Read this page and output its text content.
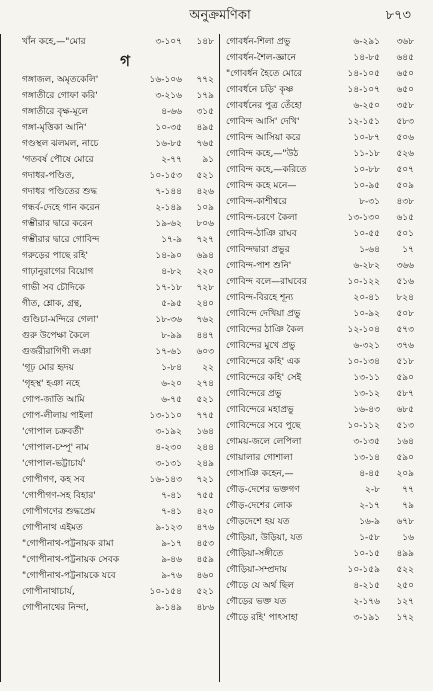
অনুক্রমণিকা	৮৭৩
খাঁন কহে,—"মোর	৩-১০৭	১৪৮
গ
গঙ্গাজল, অমৃতকেলি'	১৬-১০৬	৭৭২
গঙ্গাতীরে গোফা করি'	৩-২১৬	১৭৯
গঙ্গাতীরে বৃক্ষ-মূলে	৪-৬৬	৩১৫
গঙ্গা-মৃত্তিকা আনি'	১০-৩৫	৪৯৫
গণ্ডস্থল ঝলমল, নাচে	১৬-৮৫	৭৬৫
'গতবর্ষ পৌষে মোরে	২-৭৭	৯১
গদাধর-পণ্ডিত,	১০-১৫৩	৫২১
গদাধর পণ্ডিতের শুদ্ধ	৭-১৪৪	৪২৬
গন্ধর্ব-দেহে গান করেন	২-১৪৯	১০৯
গম্ভীরার দ্বারে করেন	১৯-৬২	৮০৬
গম্ভীরার দ্বারে গোবিন্দ	১৭-৯	৭২৭
গরুড়ের পাছে রহি'	১৪-৯০	৬৯৪
গাঢ়ানুরাগের বিয়োগ	৪-৮২	২২০
গাভী সব চৌদিকে	১৭-১৮	৭২৮
গীত, শ্লোক, গ্রন্থ,	৫-৯৫	২৪০
গুণ্ডিচা-মন্দিরে গেলা'	১৮-৩৬	৭৬২
গুরু উপেক্ষা কৈলে	৮-৯৯	৪৪৭
গুর্জরীরাগিণী লঞা	১৭-৬১	৬০৩
'গূঢ় মোর হৃদয়	১-৮৪	২২
'গৃহস্থ' হঞা নহে	৬-২০	২৭৪
গোপ-জাতি আমি	৬-৭৫	৫২১
গোপ-লীলায় পাইলা	১৩-১১০	৭৭৫
'গোপাল চক্রবর্তী'	৩-১৯২	১৬৪
'গোপাল-চম্পূ' নাম	৪-২৩০	২৪৪
'গোপাল-ভট্টাচার্য'	৩-১৩১	২৪৯
গোপীগণ, কহ সব	১৬-১৪৩	৭২১
'গোপীগণ-সহ বিহার'	৭-৪১	৭৫৫
গোপীগণের শুদ্ধপ্রেম	৭-৪১	৪২০
গোপীনাথ এইমত	৯-১২৩	৪৭৬
"গোপীনাথ-পট্টনায়ক রামা	৯-১৭	৪৫৩
"গোপীনাথ-পট্টনায়ক সেবক	৯-৪৬	৪৫৯
"গোপীনাথ-পট্টনায়কে যবে	৯-৭৬	৪৬০
গোপীনাথাচার্য,	১০-১৫৪	৫২১
গোপীনাথের নিন্দা,	৯-১৪৯	৪৮৬
গোবর্ধন-শিলা প্রভু	৬-২৯১	৩৬৮
গোবর্ধন-শৈল-জ্ঞানে	১৪-৮৫	৬৪৫
"গোবর্ধন হৈতে মোরে	১৪-১০৫	৬৫০
গোবর্ধনে চড়ি' কৃষ্ণ	১৪-১০৭	৬৫০
গোবর্ধনের পুত্র তেঁহো	৬-২৫০	৩৫৮
গোবিন্দ আসি' দেখি'	১২-১৫১	৫৮৩
গোবিন্দ আসিয়া করে	১০-৮৭	৫০৬
গোবিন্দ কহে,—"উঠ	১১-১৮	৫২৬
গোবিন্দ কহে,—করিতে	১০-৮৮	৫০৭
গোবিন্দ কহে মনে—	১০-৯৫	৫০৯
গোবিন্দ-কাশীশ্বরে	৮-৩১	৪৩৮
গোবিন্দ-চরণে কৈলা	১৩-১৩০	৬১৫
গোবিন্দ-ঠাঞি রাঘব	১০-৫৫	৫০১
গোবিন্দদ্বারা প্রভুর	১-৬৪	১৭
গোবিন্দ-পাশ শুনি'	৬-২৮২	৩৬৬
গোবিন্দ বলে—রাঘবের	১০-১২২	৫১৬
গোবিন্দ-বিরহে শূন্য	২০-৪১	৮২৪
গোবিন্দে দেখিয়া প্রভু	১০-৯২	৫০৮
গোবিন্দের ঠাঞি কৈল	১২-১০৪	৫৭৩
গোবিন্দের মুখে প্রভু	৬-৩২১	৩৭৬
গোবিন্দেরে কহি' এক	১০-১৩৪	৫১৮
গোবিন্দেরে কহি' সেই	১৩-১১	৫৯০
গোবিন্দেরে প্রভু	১৩-১২	৫৮৭
গোবিন্দেরে মহাপ্রভু	১৬-৪৩	৬৮৫
গোবিন্দেরে সবে পুছে	১০-১১২	৫১৩
গোময়-জলে লেপিলা	৩-১৩৫	১৬৪
গোয়ালার গোশালা	১৩-১৪	৫৯০
গোসাঞি কহেন,—	৪-৪৫	২০৯
গৌড়-দেশের ভক্তগণ	২-৮	৭৭
গৌড়-দেশের লোক	২-১৭	৭৯
গৌড়দেশে হয় যত	১৬-৯	৬৭৮
গৌড়িয়া, উড়িয়া, যত	১-৫৮	১৬
গৌড়িয়া-সঙ্গীতে	১০-১৫	৪৯৯
গৌড়িয়া-সম্প্রদায়	১০-১৫৯	৫২২
গৌড়ে যে অর্থ ছিল	৪-২১৫	২৫০
গৌড়ের ভক্ত যত	২-১৭৬	১২৭
গৌড়ে রহি' পাৎসাহা	৩-১৯১	১৭২
